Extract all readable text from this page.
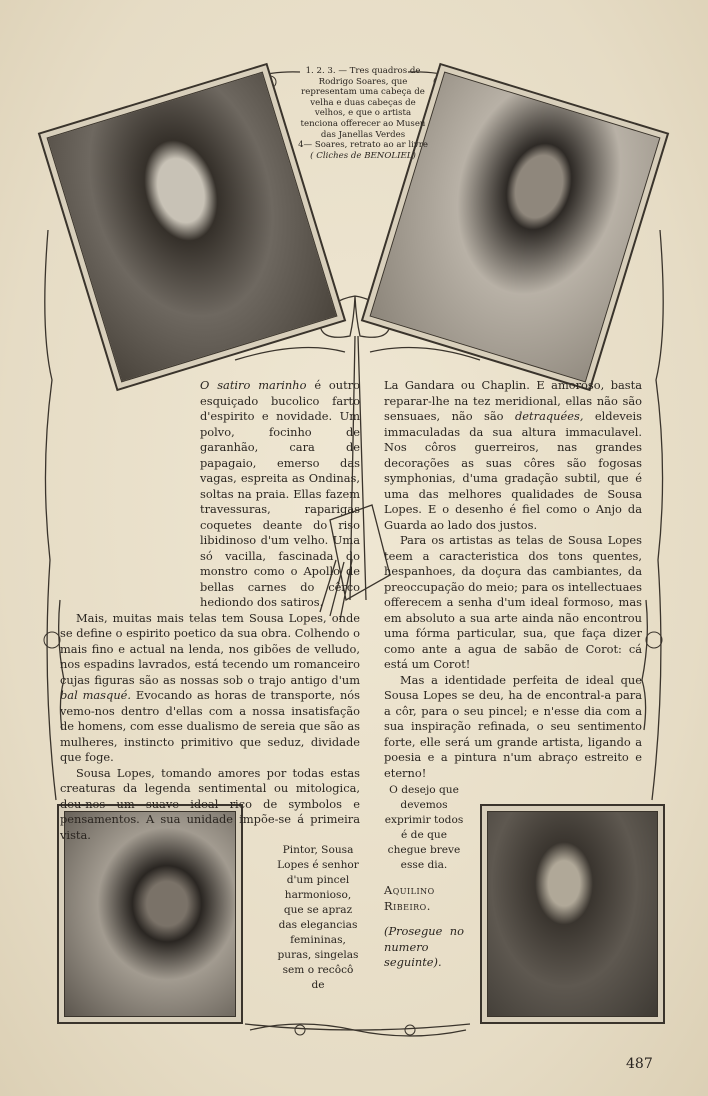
1. 2. 3. — Tres quadros de Rodrigo Soares, que representam uma cabeça de velha e duas cabeças de velhos, e que o artista tenciona offerecer ao Museu das Janellas Verdes
4— Soares, retrato ao ar livre
( Cliches de BENOLIEL)

O satiro marinho é outro esquiçado bucolico farto d'espirito e novidade. Um polvo, focinho de garanhão, cara de papagaio, emerso das vagas, espreita as Ondinas, soltas na praia. Ellas fazem travessuras, raparigas coquetes deante do riso libidinoso d'um velho. Uma só vacilla, fascinada do monstro como o Apollo de bellas carnes do cêrco hediondo dos satiros.

Mais, muitas mais telas tem Sousa Lopes, onde se define o espirito poetico da sua obra. Colhendo o mais fino e actual na lenda, nos gibões de velludo, nos espadins lavrados, está tecendo um romanceiro cujas figuras são as nossas sob o trajo antigo d'um bal masqué. Evocando as horas de transporte, nós vemo-nos dentro d'ellas com a nossa insatisfação de homens, com esse dualismo de sereia que são as mulheres, instincto primitivo que seduz, dividade que foge.

Sousa Lopes, tomando amores por todas estas creaturas da legenda sentimental ou mitologica, deu-nos um suave ideal rico de symbolos e pensamentos. A sua unidade impõe-se á primeira vista.

Pintor, Sousa Lopes é senhor d'um pincel harmonioso, que se apraz das elegancias femininas, puras, singelas sem o recôcô de

La Gandara ou Chaplin. E amoroso, basta reparar-lhe na tez meridional, ellas não são sensuaes, não são detraquées, eldeveis immaculadas da sua altura immaculavel. Nos côros guerreiros, nas grandes decorações as suas côres são fogosas symphonias, d'uma gradação subtil, que é uma das melhores qualidades de Sousa Lopes. E o desenho é fiel como o Anjo da Guarda ao lado dos justos.

Para os artistas as telas de Sousa Lopes teem a caracteristica dos tons quentes, hespanhoes, da doçura das cambiantes, da preoccupação do meio; para os intellectuaes offerecem a senha d'um ideal formoso, mas em absoluto a sua arte ainda não encontrou uma fórma particular, sua, que faça dizer como ante a agua de sabão de Corot: cá está um Corot!

Mas a identidade perfeita de ideal que Sousa Lopes se deu, ha de encontral-a para a côr, para o seu pincel; e n'esse dia com a sua inspiração refinada, o seu sentimento forte, elle será um grande artista, ligando a poesia e a pintura n'um abraço estreito e eterno!

O desejo que devemos exprimir todos é de que chegue breve esse dia.

Aquilino Ribeiro.

(Prosegue no numero seguinte).

487
